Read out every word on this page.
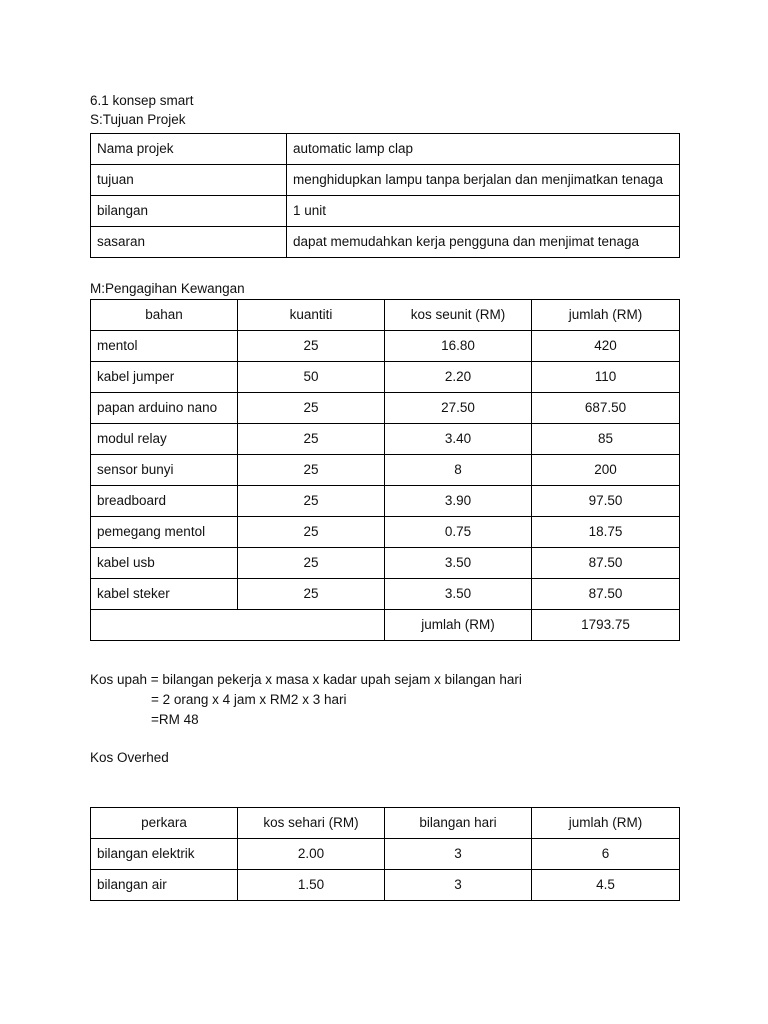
6.1 konsep smart
S:Tujuan Projek
Nama projek	automatic lamp clap
tujuan	menghidupkan lampu tanpa berjalan dan menjimatkan tenaga
bilangan	1 unit
sasaran	dapat memudahkan kerja pengguna dan menjimat tenaga
M:Pengagihan Kewangan
bahan	kuantiti	kos seunit (RM)	jumlah (RM)
mentol	25	16.80	420
kabel jumper	50	2.20	110
papan arduino nano	25	27.50	687.50
modul relay	25	3.40	85
sensor bunyi	25	8	200
breadboard	25	3.90	97.50
pemegang mentol	25	0.75	18.75
kabel usb	25	3.50	87.50
kabel steker	25	3.50	87.50
		jumlah (RM)	1793.75
Kos upah = bilangan pekerja x masa x kadar upah sejam x bilangan hari
= 2 orang x 4 jam x RM2 x 3 hari
=RM 48
Kos Overhed
perkara	kos sehari (RM)	bilangan hari	jumlah (RM)
bilangan elektrik	2.00	3	6
bilangan air	1.50	3	4.5
